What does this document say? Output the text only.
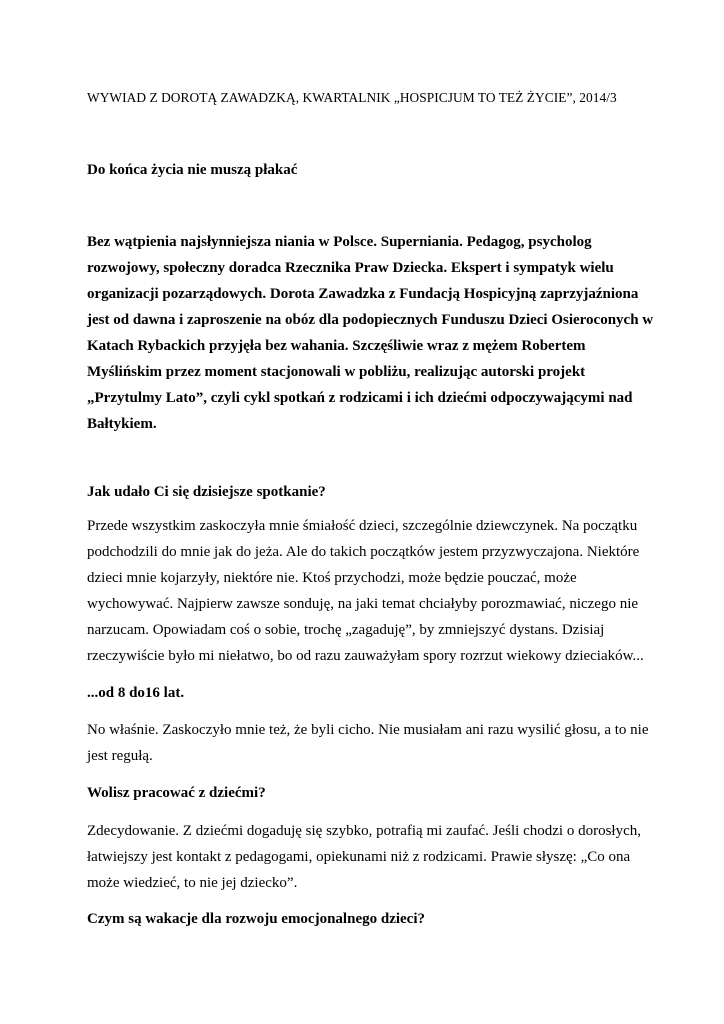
WYWIAD Z DOROTĄ ZAWADZKĄ, KWARTALNIK „HOSPICJUM TO TEŻ ŻYCIE”, 2014/3

Do końca życia nie muszą płakać

Bez wątpienia najsłynniejsza niania w Polsce. Superniania. Pedagog, psycholog
rozwojowy, społeczny doradca Rzecznika Praw Dziecka. Ekspert i sympatyk wielu
organizacji pozarządowych. Dorota Zawadzka z Fundacją Hospicyjną zaprzyjaźniona
jest od dawna i zaproszenie na obóz dla podopiecznych Funduszu Dzieci Osieroconych w
Katach Rybackich przyjęła bez wahania. Szczęśliwie wraz z mężem Robertem
Myślińskim przez moment stacjonowali w pobliżu, realizując autorski projekt
„Przytulmy Lato”, czyli cykl spotkań z rodzicami i ich dziećmi odpoczywającymi nad
Bałtykiem.

Jak udało Ci się dzisiejsze spotkanie?

Przede wszystkim zaskoczyła mnie śmiałość dzieci, szczególnie dziewczynek. Na początku
podchodzili do mnie jak do jeża. Ale do takich początków jestem przyzwyczajona. Niektóre
dzieci mnie kojarzyły, niektóre nie. Ktoś przychodzi, może będzie pouczać, może
wychowywać. Najpierw zawsze sonduję, na jaki temat chciałyby porozmawiać, niczego nie
narzucam. Opowiadam coś o sobie, trochę „zagaduję”, by zmniejszyć dystans. Dzisiaj
rzeczywiście było mi niełatwo, bo od razu zauważyłam spory rozrzut wiekowy dzieciaków...

...od 8 do16 lat.

No właśnie. Zaskoczyło mnie też, że byli cicho. Nie musiałam ani razu wysilić głosu, a to nie
jest regułą.

Wolisz pracować z dziećmi?

Zdecydowanie. Z dziećmi dogaduję się szybko, potrafią mi zaufać. Jeśli chodzi o dorosłych,
łatwiejszy jest kontakt z pedagogami, opiekunami niż z rodzicami. Prawie słyszę: „Co ona
może wiedzieć, to nie jej dziecko”.

Czym są wakacje dla rozwoju emocjonalnego dzieci?
